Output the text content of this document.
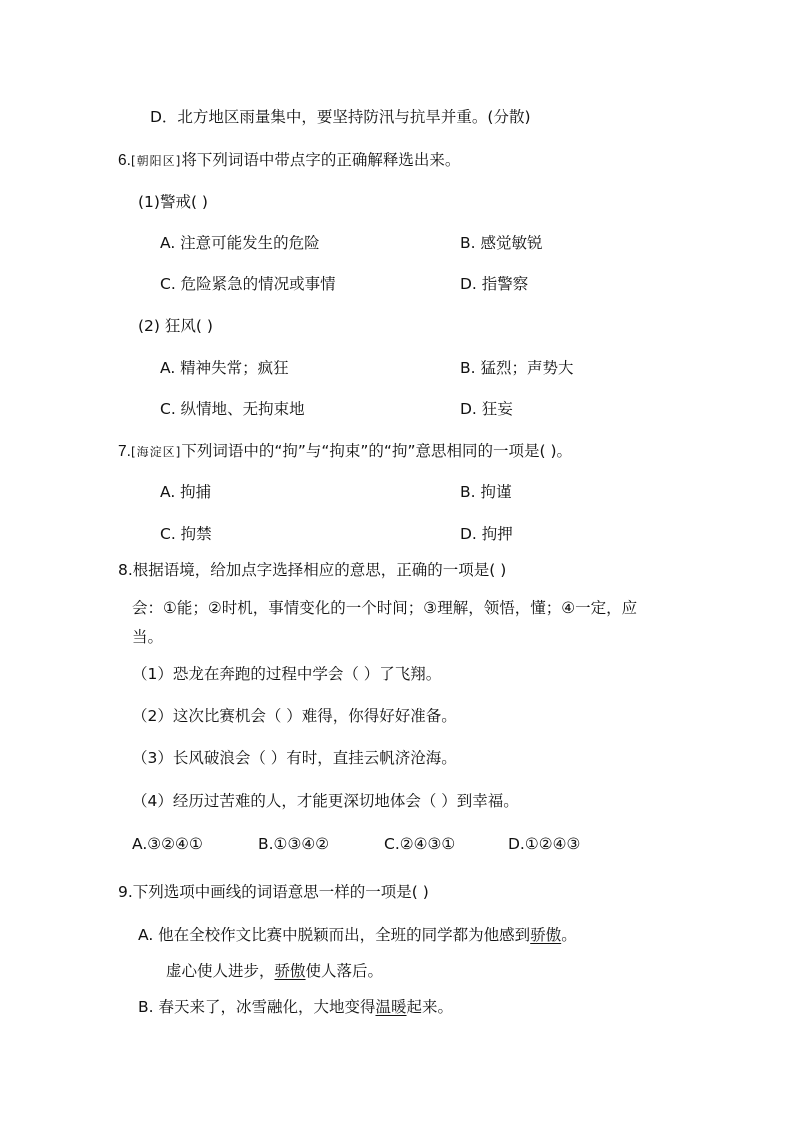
D．北方地区雨量集中，要坚持防汛与抗旱并重。(分散)
6.[朝阳区]将下列词语中带点字的正确解释选出来。
(1)警戒( )
A. 注意可能发生的危险	B. 感觉敏锐
C. 危险紧急的情况或事情	D. 指警察
(2) 狂风( )
A. 精神失常；疯狂	B. 猛烈；声势大
C. 纵情地、无拘束地	D. 狂妄
7.[海淀区]下列词语中的“拘”与“拘束”的“拘”意思相同的一项是( )。
A. 拘捕	B. 拘谨
C. 拘禁	D. 拘押
8.根据语境，给加点字选择相应的意思，正确的一项是( )
会：①能；②时机，事情变化的一个时间；③理解，领悟，懂；④一定，应
当。
（1）恐龙在奔跑的过程中学会（ ）了飞翔。
（2）这次比赛机会（ ）难得，你得好好准备。
（3）长风破浪会（ ）有时，直挂云帆济沧海。
（4）经历过苦难的人，才能更深切地体会（ ）到幸福。
A.③②④①	B.①③④②	C.②④③①	D.①②④③
9.下列选项中画线的词语意思一样的一项是( )
A. 他在全校作文比赛中脱颖而出，全班的同学都为他感到骄傲。
虚心使人进步，骄傲使人落后。
B. 春天来了，冰雪融化，大地变得温暖起来。
